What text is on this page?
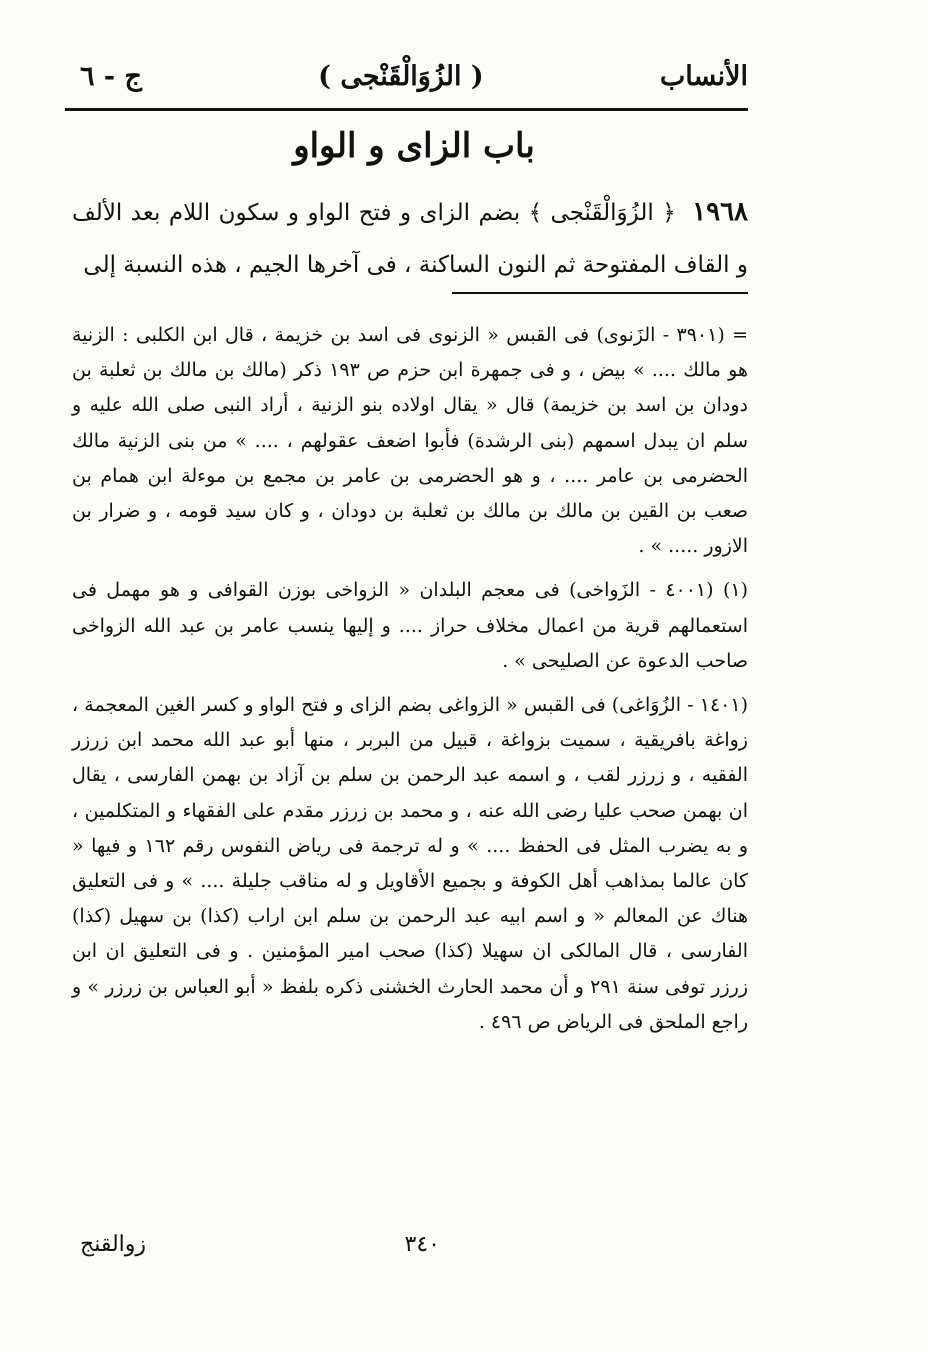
الأنساب
( الزُوَالْقَنْجى )
ج - ٦
باب الزاى و الواو
١٩٦٨ ﴿ الزُوَالْقَنْجى ﴾ بضم الزاى و فتح الواو و سكون اللام بعد الألف و القاف المفتوحة ثم النون الساكنة ، فى آخرها الجيم ، هذه النسبة إلى

= (٣٩٠١ - الزَنوى) فى القبس « الزنوى فى اسد بن خزيمة ، قال ابن الكلبى : الزنية هو مالك .... » بيض ، و فى جمهرة ابن حزم ص ١٩٣ ذكر (مالك بن مالك بن ثعلبة بن دودان بن اسد بن خزيمة) قال « يقال اولاده بنو الزنية ، أراد النبى صلى الله عليه و سلم ان يبدل اسمهم (بنى الرشدة) فأبوا اضعف عقولهم ، .... » من بنى الزنية مالك الحضرمى بن عامر .... ، و هو الحضرمى بن عامر بن مجمع بن موءلة ابن همام بن صعب بن القين بن مالك بن مالك بن ثعلبة بن دودان ، و كان سيد قومه ، و ضرار بن الازور ..... » .

(١) (٤٠٠١ - الزَواخى) فى معجم البلدان « الزواخى بوزن القوافى و هو مهمل فى استعمالهم قرية من اعمال مخلاف حراز .... و إليها ينسب عامر بن عبد الله الزواخى صاحب الدعوة عن الصليحى » .

(١٤٠١ - الزُوَاغى) فى القبس « الزواغى بضم الزاى و فتح الواو و كسر الغين المعجمة ، زواغة بافريقية ، سميت بزواغة ، قبيل من البربر ، منها أبو عبد الله محمد ابن زرزر الفقيه ، و زرزر لقب ، و اسمه عبد الرحمن بن سلم بن آزاد بن بهمن الفارسى ، يقال ان بهمن صحب عليا رضى الله عنه ، و محمد بن زرزر مقدم على الفقهاء و المتكلمين ، و به يضرب المثل فى الحفظ .... » و له ترجمة فى رياض النفوس رقم ١٦٢ و فيها « كان عالما بمذاهب أهل الكوفة و بجميع الأقاويل و له مناقب جليلة .... » و فى التعليق هناك عن المعالم « و اسم ابيه عبد الرحمن بن سلم ابن اراب (كذا) بن سهيل (كذا) الفارسى ، قال المالكى ان سهيلا (كذا) صحب امير المؤمنين . و فى التعليق ان ابن زرزر توفى سنة ٢٩١ و أن محمد الحارث الخشنى ذكره بلفظ « أبو العباس بن زرزر » و راجع الملحق فى الرياض ص ٤٩٦ .

٣٤٠
زوالقنج
